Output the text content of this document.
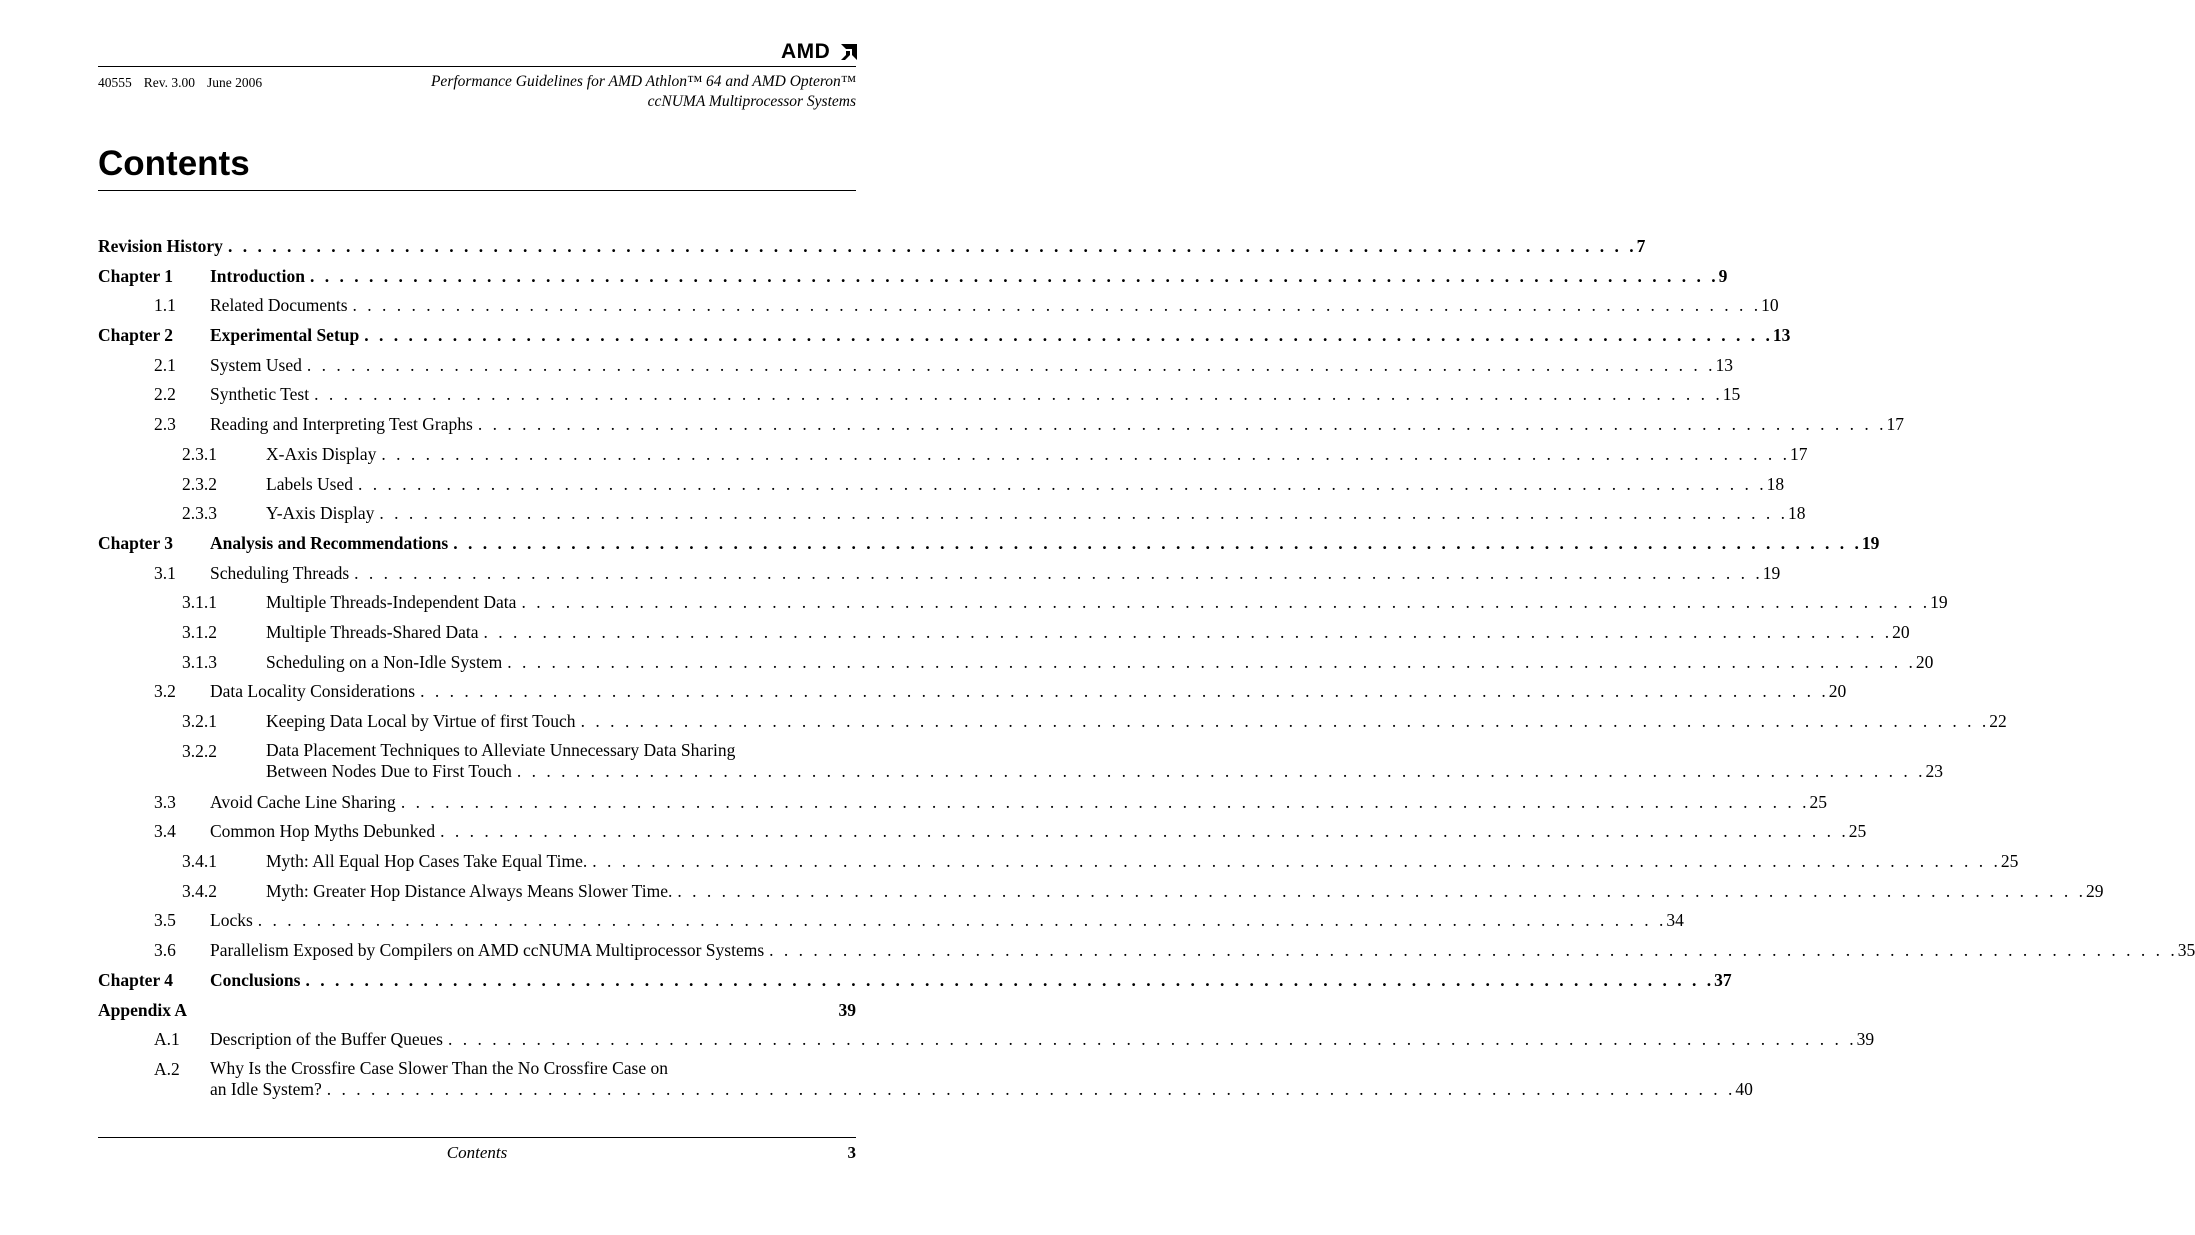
AMD
40555 Rev. 3.00 June 2006	Performance Guidelines for AMD Athlon™ 64 and AMD Opteron™
ccNUMA Multiprocessor Systems
Contents
Revision History . . . . . . . . . . . . . . . . . . . . . . . . . . . . . . . . . . . . . . . . . . . . . . . . . . . . . . . . . . . . . . . . . . . . . . . . . . . . . . . . . . . . . . . . . . . . . . . . 7
Chapter 1 Introduction . . . . . . . . . . . . . . . . . . . . . . . . . . . . . . . . . . . . . . . . . . . . . . . . . . . . . . . . . . . . . . . . . . . . . . . . . . . . . . . . . . . . . . . . . . . . . . . . 9
1.1 Related Documents . . . . . . . . . . . . . . . . . . . . . . . . . . . . . . . . . . . . . . . . . . . . . . . . . . . . . . . . . . . . . . . . . . . . . . . . . . . . . . . . . . . . . . . . . . . . . . . . 10
Chapter 2 Experimental Setup . . . . . . . . . . . . . . . . . . . . . . . . . . . . . . . . . . . . . . . . . . . . . . . . . . . . . . . . . . . . . . . . . . . . . . . . . . . . . . . . . . . . . . . . . . . . . . . . 13
2.1 System Used . . . . . . . . . . . . . . . . . . . . . . . . . . . . . . . . . . . . . . . . . . . . . . . . . . . . . . . . . . . . . . . . . . . . . . . . . . . . . . . . . . . . . . . . . . . . . . . . 13
2.2 Synthetic Test . . . . . . . . . . . . . . . . . . . . . . . . . . . . . . . . . . . . . . . . . . . . . . . . . . . . . . . . . . . . . . . . . . . . . . . . . . . . . . . . . . . . . . . . . . . . . . . . 15
2.3 Reading and Interpreting Test Graphs . . . . . . . . . . . . . . . . . . . . . . . . . . . . . . . . . . . . . . . . . . . . . . . . . . . . . . . . . . . . . . . . . . . . . . . . . . . . . . . . . . . . . . . . . . . . . . . . 17
2.3.1	X-Axis Display . . . . . . . . . . . . . . . . . . . . . . . . . . . . . . . . . . . . . . . . . . . . . . . . . . . . . . . . . . . . . . . . . . . . . . . . . . . . . . . . . . . . . . . . . . . . . . . . 17
2.3.2	Labels Used . . . . . . . . . . . . . . . . . . . . . . . . . . . . . . . . . . . . . . . . . . . . . . . . . . . . . . . . . . . . . . . . . . . . . . . . . . . . . . . . . . . . . . . . . . . . . . . . 18
2.3.3	Y-Axis Display . . . . . . . . . . . . . . . . . . . . . . . . . . . . . . . . . . . . . . . . . . . . . . . . . . . . . . . . . . . . . . . . . . . . . . . . . . . . . . . . . . . . . . . . . . . . . . . . 18
Chapter 3 Analysis and Recommendations . . . . . . . . . . . . . . . . . . . . . . . . . . . . . . . . . . . . . . . . . . . . . . . . . . . . . . . . . . . . . . . . . . . . . . . . . . . . . . . . . . . . . . . . . . . . . . . . 19
3.1 Scheduling Threads . . . . . . . . . . . . . . . . . . . . . . . . . . . . . . . . . . . . . . . . . . . . . . . . . . . . . . . . . . . . . . . . . . . . . . . . . . . . . . . . . . . . . . . . . . . . . . . . 19
3.1.1	Multiple Threads-Independent Data . . . . . . . . . . . . . . . . . . . . . . . . . . . . . . . . . . . . . . . . . . . . . . . . . . . . . . . . . . . . . . . . . . . . . . . . . . . . . . . . . . . . . . . . . . . . . . . . 19
3.1.2	Multiple Threads-Shared Data . . . . . . . . . . . . . . . . . . . . . . . . . . . . . . . . . . . . . . . . . . . . . . . . . . . . . . . . . . . . . . . . . . . . . . . . . . . . . . . . . . . . . . . . . . . . . . . . 20
3.1.3	Scheduling on a Non-Idle System . . . . . . . . . . . . . . . . . . . . . . . . . . . . . . . . . . . . . . . . . . . . . . . . . . . . . . . . . . . . . . . . . . . . . . . . . . . . . . . . . . . . . . . . . . . . . . . . 20
3.2 Data Locality Considerations . . . . . . . . . . . . . . . . . . . . . . . . . . . . . . . . . . . . . . . . . . . . . . . . . . . . . . . . . . . . . . . . . . . . . . . . . . . . . . . . . . . . . . . . . . . . . . . . 20
3.2.1	Keeping Data Local by Virtue of first Touch . . . . . . . . . . . . . . . . . . . . . . . . . . . . . . . . . . . . . . . . . . . . . . . . . . . . . . . . . . . . . . . . . . . . . . . . . . . . . . . . . . . . . . . . . . . . . . . . 22
3.2.2	Data Placement Techniques to Alleviate Unnecessary Data Sharing
Between Nodes Due to First Touch . . . . . . . . . . . . . . . . . . . . . . . . . . . . . . . . . . . . . . . . . . . . . . . . . . . . . . . . . . . . . . . . . . . . . . . . . . . . . . . . . . . . . . . . . . . . . . . . 23
3.3 Avoid Cache Line Sharing . . . . . . . . . . . . . . . . . . . . . . . . . . . . . . . . . . . . . . . . . . . . . . . . . . . . . . . . . . . . . . . . . . . . . . . . . . . . . . . . . . . . . . . . . . . . . . . . 25
3.4 Common Hop Myths Debunked . . . . . . . . . . . . . . . . . . . . . . . . . . . . . . . . . . . . . . . . . . . . . . . . . . . . . . . . . . . . . . . . . . . . . . . . . . . . . . . . . . . . . . . . . . . . . . . . 25
3.4.1	Myth: All Equal Hop Cases Take Equal Time. . . . . . . . . . . . . . . . . . . . . . . . . . . . . . . . . . . . . . . . . . . . . . . . . . . . . . . . . . . . . . . . . . . . . . . . . . . . . . . . . . . . . . . . . . . . . . . . . 25
3.4.2	Myth: Greater Hop Distance Always Means Slower Time. . . . . . . . . . . . . . . . . . . . . . . . . . . . . . . . . . . . . . . . . . . . . . . . . . . . . . . . . . . . . . . . . . . . . . . . . . . . . . . . . . . . . . . . . . . . . . . . . 29
3.5 Locks . . . . . . . . . . . . . . . . . . . . . . . . . . . . . . . . . . . . . . . . . . . . . . . . . . . . . . . . . . . . . . . . . . . . . . . . . . . . . . . . . . . . . . . . . . . . . . . . 34
3.6 Parallelism Exposed by Compilers on AMD ccNUMA Multiprocessor Systems . . . . . . . . . . . . . . . . . . . . . . . . . . . . . . . . . . . . . . . . . . . . . . . . . . . . . . . . . . . . . . . . . . . . . . . . . . . . . . . . . . . . . . . . . . . . . . . . 35
Chapter 4 Conclusions . . . . . . . . . . . . . . . . . . . . . . . . . . . . . . . . . . . . . . . . . . . . . . . . . . . . . . . . . . . . . . . . . . . . . . . . . . . . . . . . . . . . . . . . . . . . . . . . 37
Appendix A	39
A.1 Description of the Buffer Queues . . . . . . . . . . . . . . . . . . . . . . . . . . . . . . . . . . . . . . . . . . . . . . . . . . . . . . . . . . . . . . . . . . . . . . . . . . . . . . . . . . . . . . . . . . . . . . . . 39
A.2 Why Is the Crossfire Case Slower Than the No Crossfire Case on
an Idle System? . . . . . . . . . . . . . . . . . . . . . . . . . . . . . . . . . . . . . . . . . . . . . . . . . . . . . . . . . . . . . . . . . . . . . . . . . . . . . . . . . . . . . . . . . . . . . . . . 40
Contents	3
